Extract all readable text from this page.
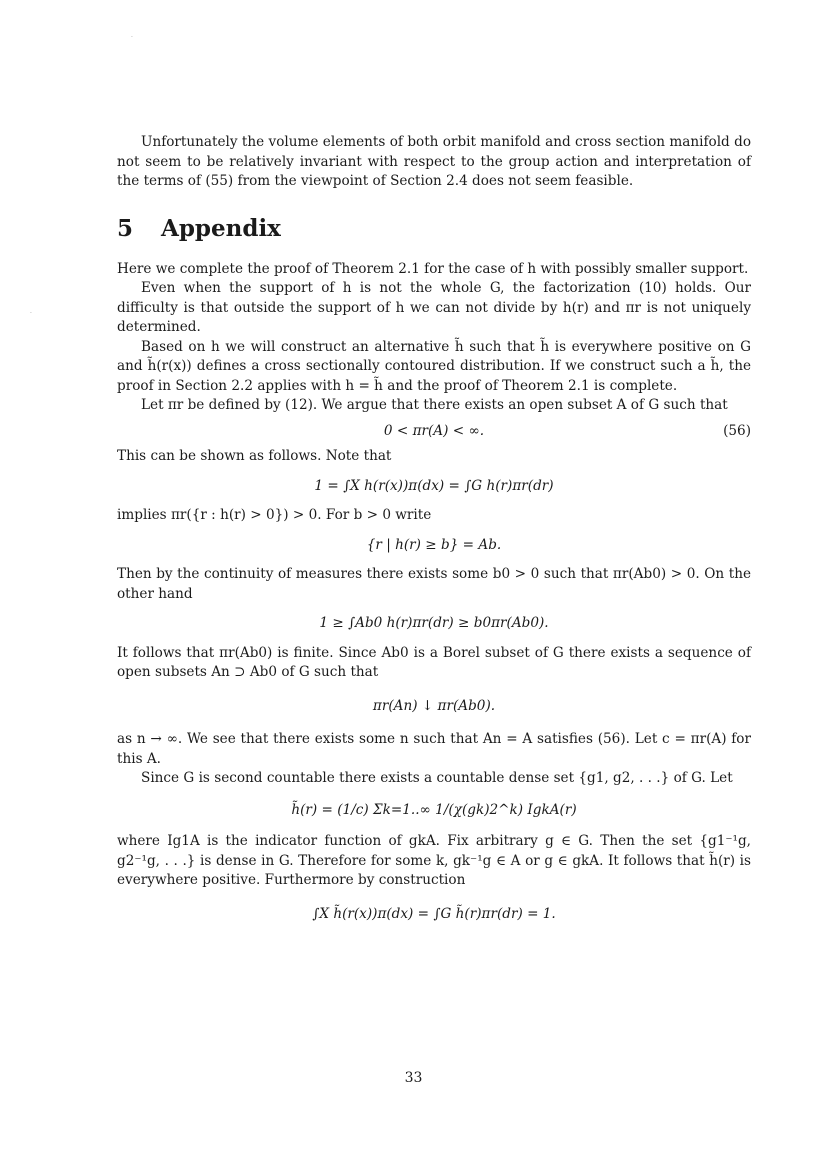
·
·

Unfortunately the volume elements of both orbit manifold and cross section manifold do not seem to be relatively invariant with respect to the group action and interpretation of the terms of (55) from the viewpoint of Section 2.4 does not seem feasible.

5 Appendix

Here we complete the proof of Theorem 2.1 for the case of h with possibly smaller support.

Even when the support of h is not the whole G, the factorization (10) holds. Our difficulty is that outside the support of h we can not divide by h(r) and πr is not uniquely determined.

Based on h we will construct an alternative h̃ such that h̃ is everywhere positive on G and h̃(r(x)) defines a cross sectionally contoured distribution. If we construct such a h̃, the proof in Section 2.2 applies with h = h̃ and the proof of Theorem 2.1 is complete.

Let πr be defined by (12). We argue that there exists an open subset A of G such that

0 < πr(A) < ∞.	(56)

This can be shown as follows. Note that

1 = ∫X h(r(x))π(dx) = ∫G h(r)πr(dr)

implies πr({r : h(r) > 0}) > 0. For b > 0 write

{r | h(r) ≥ b} = Ab.

Then by the continuity of measures there exists some b0 > 0 such that πr(Ab0) > 0. On the other hand

1 ≥ ∫Ab0 h(r)πr(dr) ≥ b0πr(Ab0).

It follows that πr(Ab0) is finite. Since Ab0 is a Borel subset of G there exists a sequence of open subsets An ⊃ Ab0 of G such that

πr(An) ↓ πr(Ab0).

as n → ∞. We see that there exists some n such that An = A satisfies (56). Let c = πr(A) for this A.

Since G is second countable there exists a countable dense set {g1, g2, . . .} of G. Let

h̃(r) = (1/c) Σk=1..∞ 1/(χ(gk)2^k) IgkA(r)

where Ig1A is the indicator function of gkA. Fix arbitrary g ∈ G. Then the set {g1⁻¹g, g2⁻¹g, . . .} is dense in G. Therefore for some k, gk⁻¹g ∈ A or g ∈ gkA. It follows that h̃(r) is everywhere positive. Furthermore by construction

∫X h̃(r(x))π(dx) = ∫G h̃(r)πr(dr) = 1.
33
